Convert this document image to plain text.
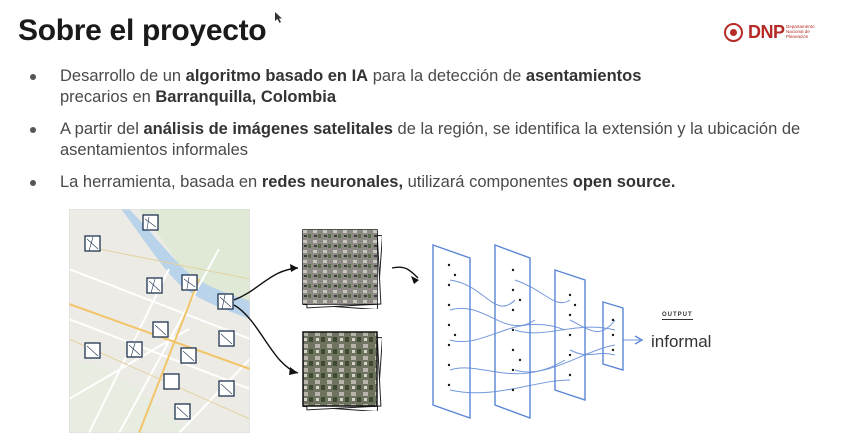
Sobre el proyecto	DNP Departamento Nacional de Planeación
Desarrollo de un algoritmo basado en IA para la detección de asentamientos
precarios en Barranquilla, Colombia
A partir del análisis de imágenes satelitales de la región, se identifica la extensión y la ubicación de asentamientos informales
La herramienta, basada en redes neuronales, utilizará componentes open source.
OUTPUT
informal
